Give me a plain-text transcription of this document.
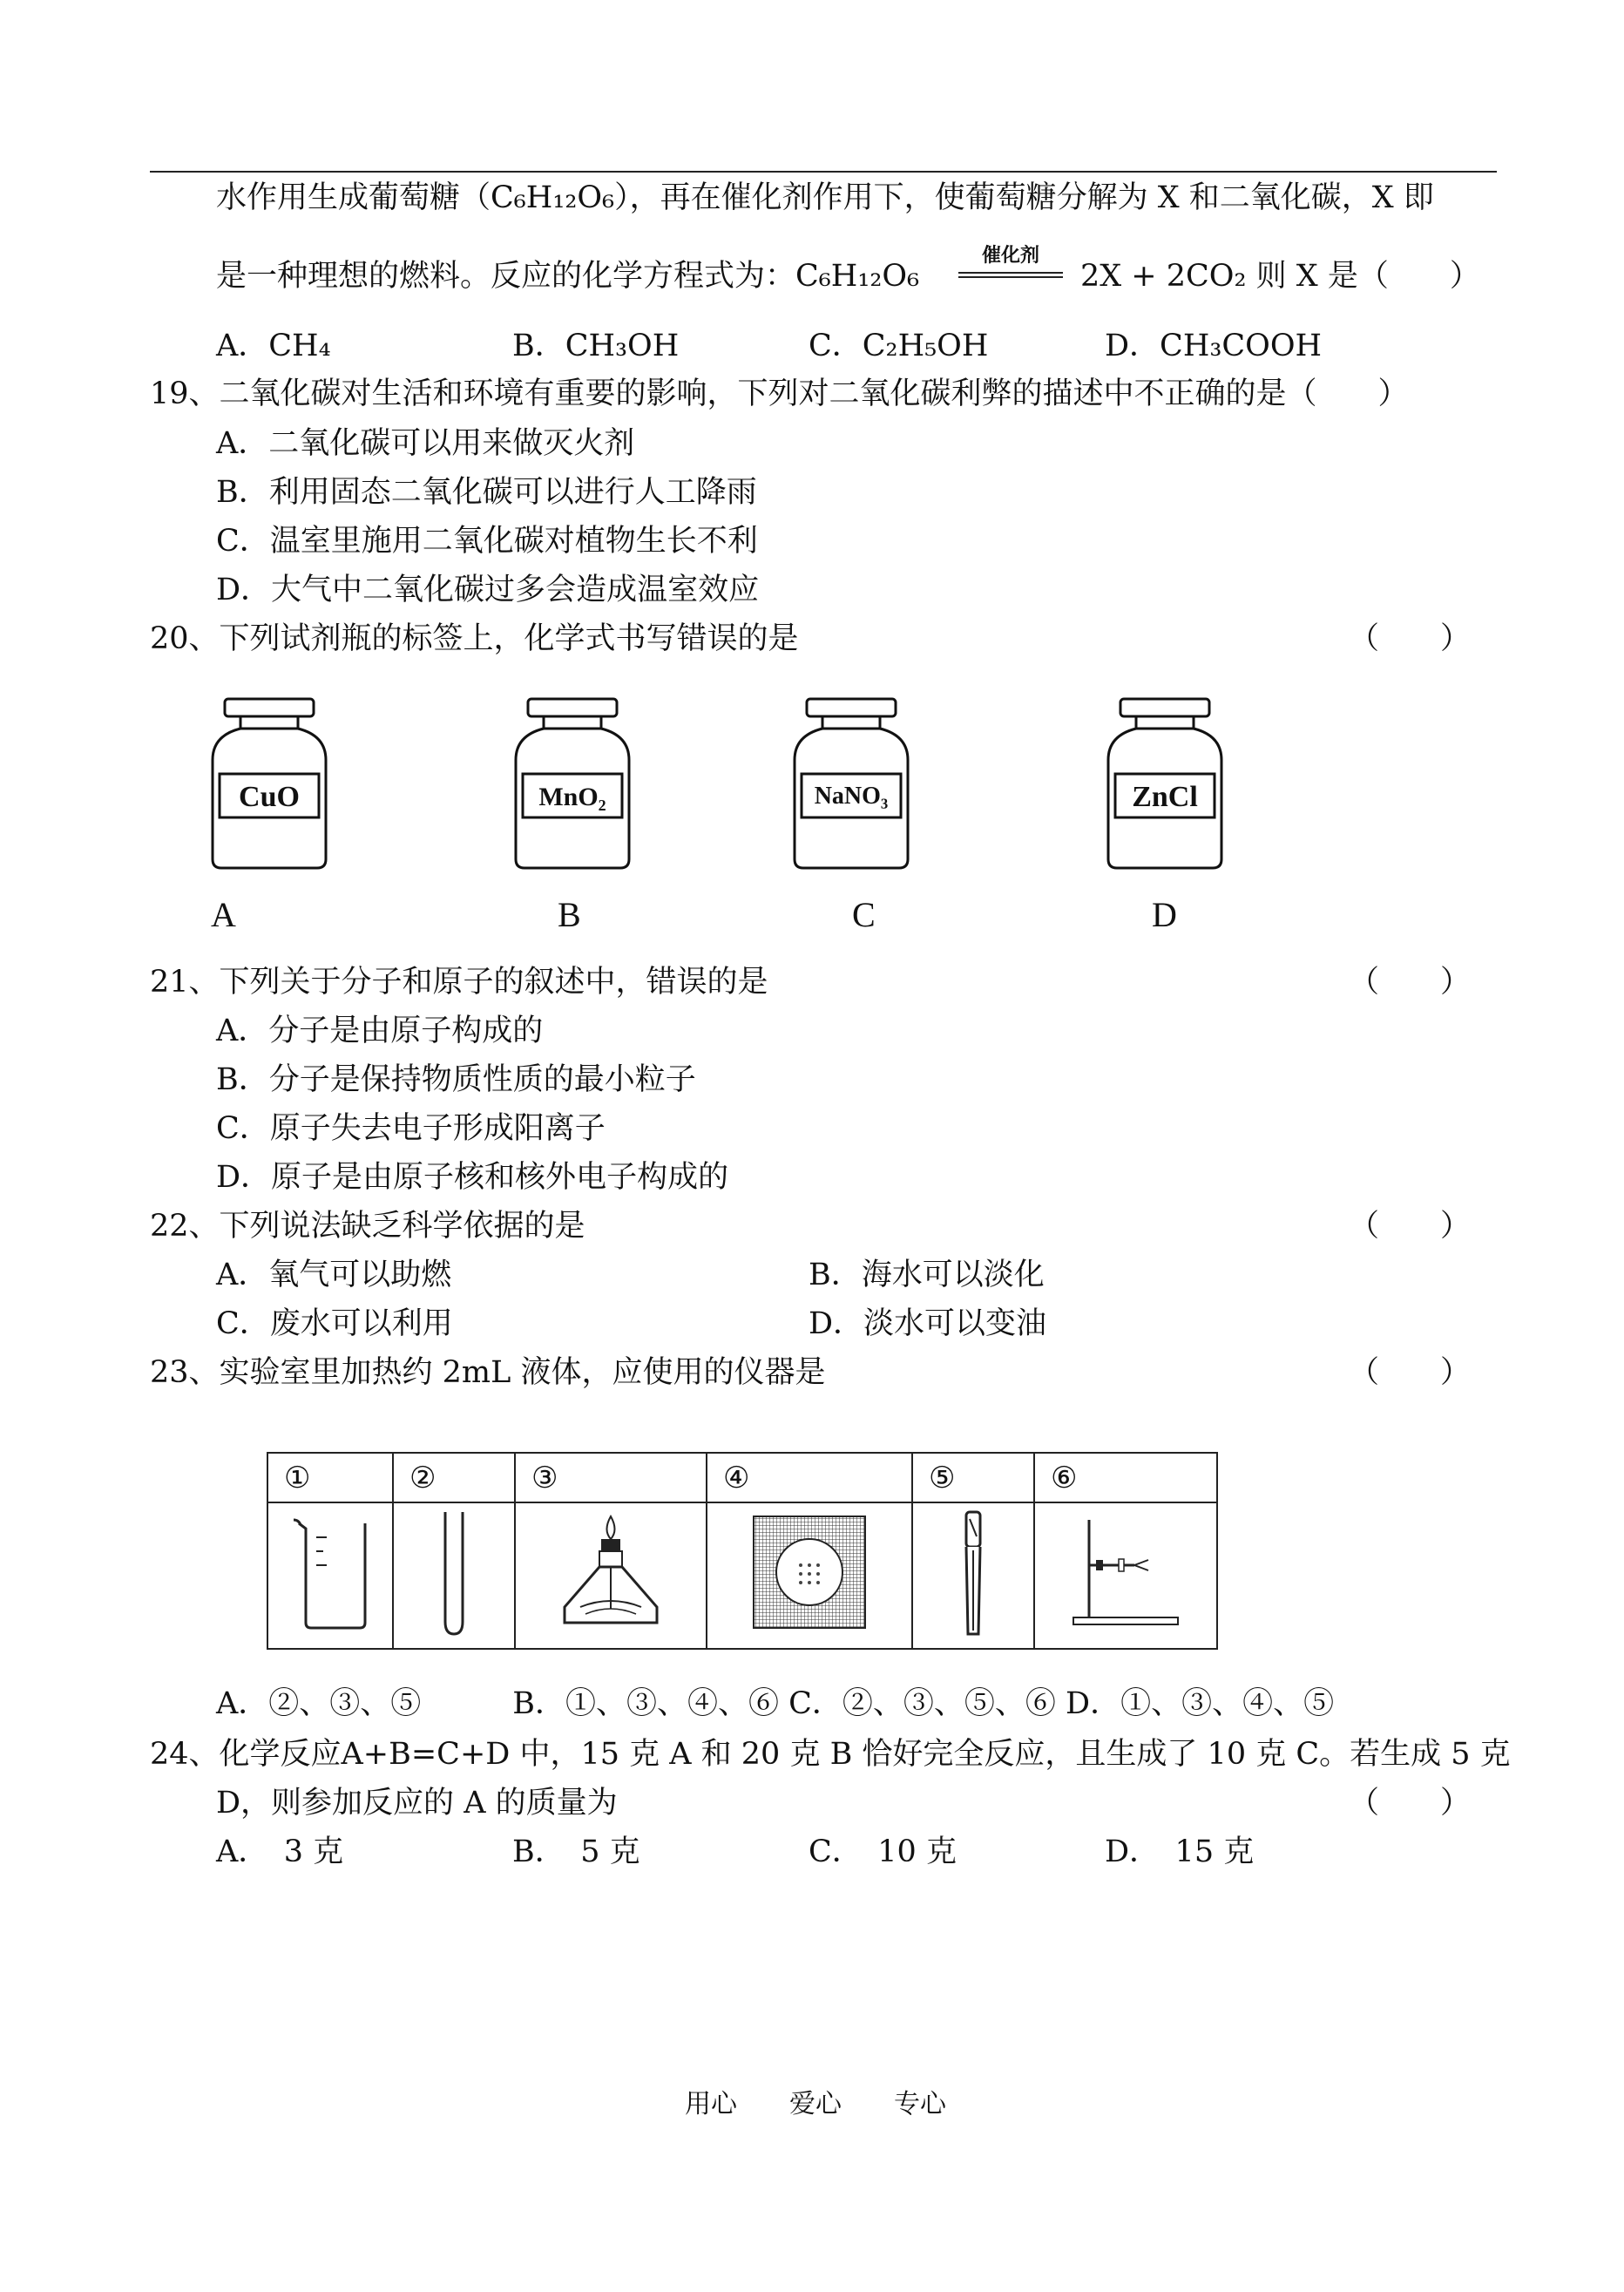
水作用生成葡萄糖（C₆H₁₂O₆），再在催化剂作用下，使葡萄糖分解为 X 和二氧化碳，X 即
是一种理想的燃料。反应的化学方程式为：C₆H₁₂O₆
催化剂
2X + 2CO₂ 则 X 是（　　）
A．CH₄	B．CH₃OH	C．C₂H₅OH	D．CH₃COOH
19、二氧化碳对生活和环境有重要的影响，下列对二氧化碳利弊的描述中不正确的是（　　）
A．二氧化碳可以用来做灭火剂
B．利用固态二氧化碳可以进行人工降雨
C．温室里施用二氧化碳对植物生长不利
D．大气中二氧化碳过多会造成温室效应
20、下列试剂瓶的标签上，化学式书写错误的是	（　　）
CuO
A
MnO₂
B
NaNO₃
C
ZnCl
D
21、下列关于分子和原子的叙述中，错误的是	（　　）
A．分子是由原子构成的
B．分子是保持物质性质的最小粒子
C．原子失去电子形成阳离子
D．原子是由原子核和核外电子构成的
22、下列说法缺乏科学依据的是	（　　）
A．氧气可以助燃	B．海水可以淡化
C．废水可以利用	D．淡水可以变油
23、实验室里加热约 2mL 液体，应使用的仪器是	（　　）
①	②	③	④	⑤	⑥

A．②、③、⑤　　　B．①、③、④、⑥ C．②、③、⑤、⑥ D．①、③、④、⑤
24、化学反应A+B=C+D 中，15 克 A 和 20 克 B 恰好完全反应，且生成了 10 克 C。若生成 5 克
D，则参加反应的 A 的质量为	（　　）
A．　3 克	B．　5 克	C．　10 克	D．　15 克
用心　　爱心　　专心
